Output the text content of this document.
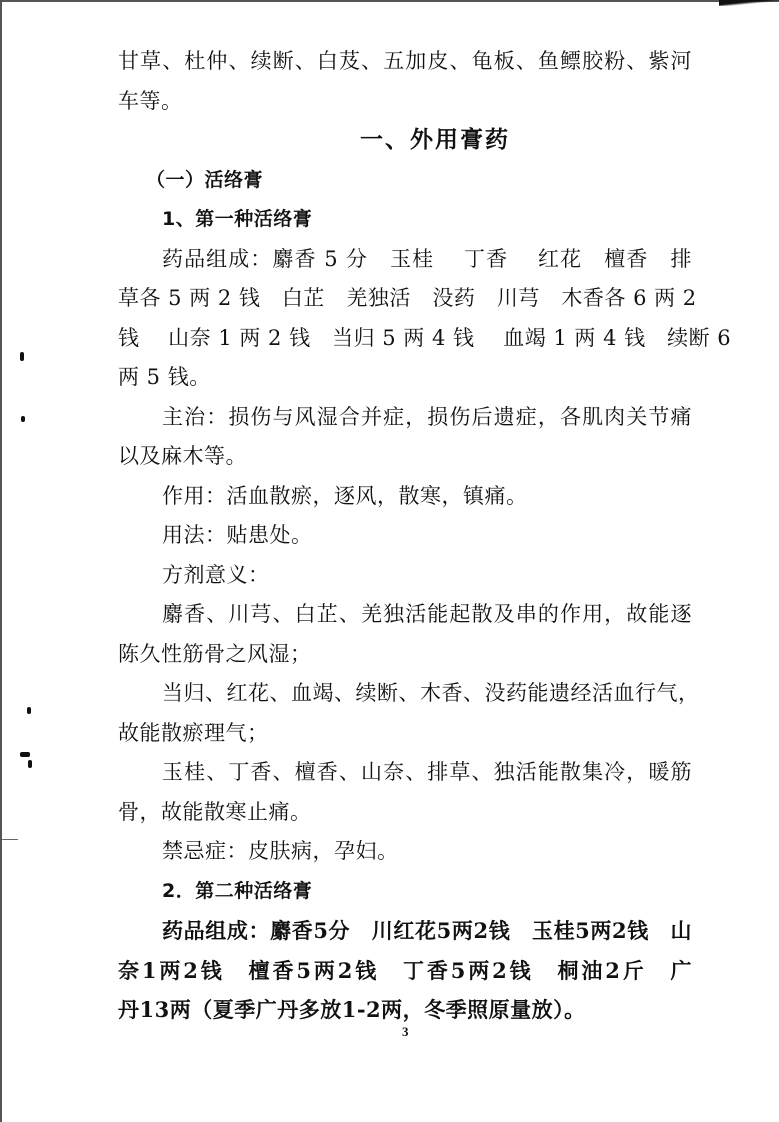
甘草、杜仲、续断、白芨、五加皮、龟板、鱼鳔胶粉、紫河
车等。
一、外用膏药
（一）活络膏
1、第一种活络膏
药品组成：麝香 5 分　玉桂　 丁香　 红花　檀香　排
草各 5 两 2 钱　白芷　羌独活　没药　川芎　木香各 6 两 2
钱　 山奈 1 两 2 钱　当归 5 两 4 钱　 血竭 1 两 4 钱　续断 6
两 5 钱。
主治：损伤与风湿合并症，损伤后遗症，各肌肉关节痛
以及麻木等。
作用：活血散瘀，逐风，散寒，镇痛。
用法：贴患处。
方剂意义：
麝香、川芎、白芷、羌独活能起散及串的作用，故能逐
陈久性筋骨之风湿；
当归、红花、血竭、续断、木香、没药能遗经活血行气，
故能散瘀理气；
玉桂、丁香、檀香、山奈、排草、独活能散集冷，暖筋
骨，故能散寒止痛。
禁忌症：皮肤病，孕妇。
2．第二种活络膏
药品组成：麝香5分　川红花5两2钱　玉桂5两2钱　山
奈1两2钱　檀香5两2钱　丁香5两2钱　桐油2斤　广
丹13两（夏季广丹多放1-2两，冬季照原量放）。
3
